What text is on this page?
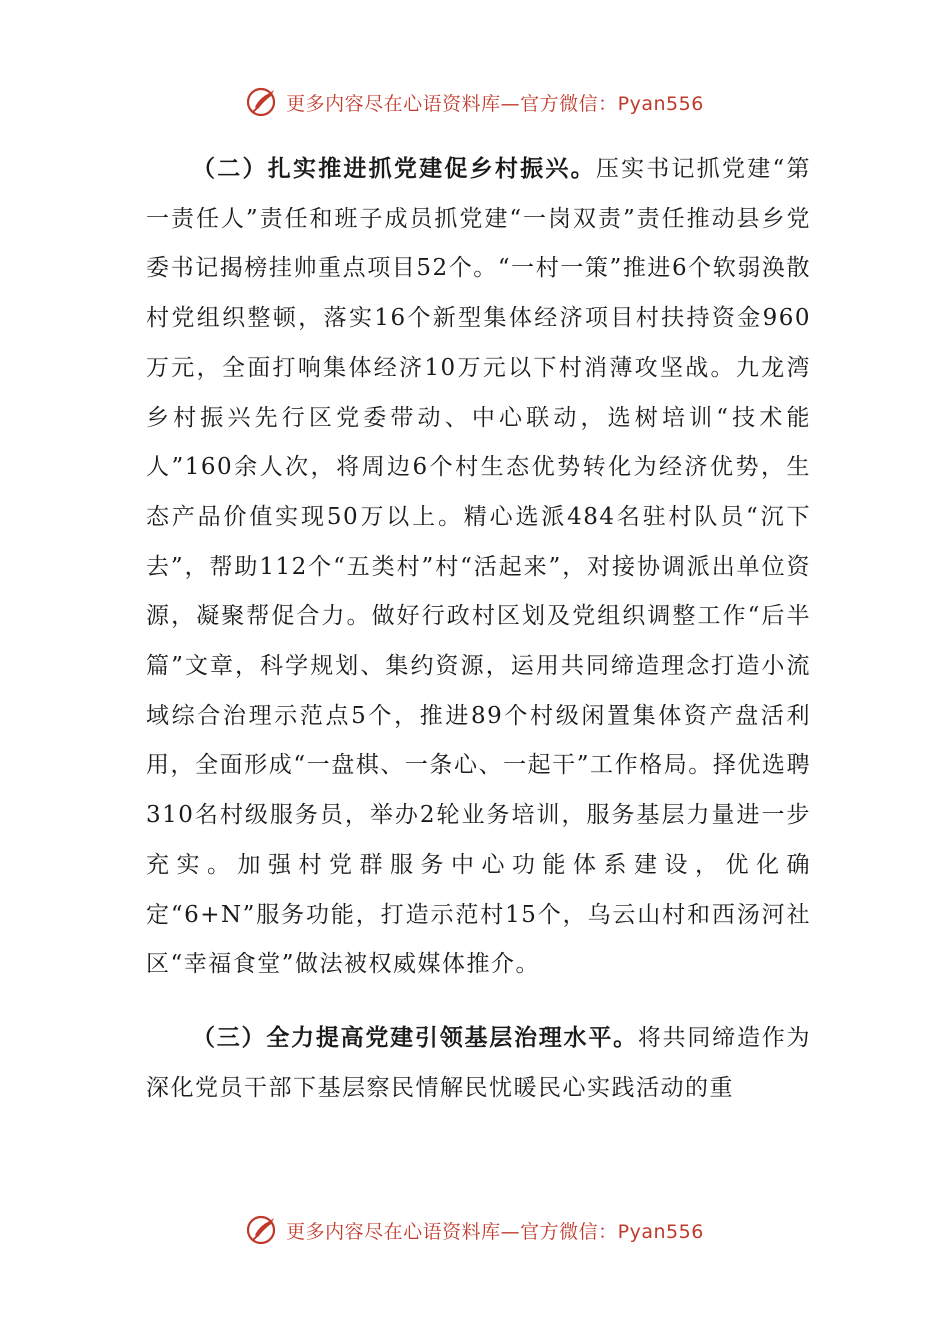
更多内容尽在心语资料库—官方微信：Pyan556

（二）扎实推进抓党建促乡村振兴。压实书记抓党建“第一责任人”责任和班子成员抓党建“一岗双责”责任推动县乡党委书记揭榜挂帅重点项目52个。“一村一策”推进6个软弱涣散村党组织整顿，落实16个新型集体经济项目村扶持资金960万元，全面打响集体经济10万元以下村消薄攻坚战。九龙湾乡村振兴先行区党委带动、中心联动，选树培训“技术能人”160余人次，将周边6个村生态优势转化为经济优势，生态产品价值实现50万以上。精心选派484名驻村队员“沉下去”，帮助112个“五类村”村“活起来”，对接协调派出单位资源，凝聚帮促合力。做好行政村区划及党组织调整工作“后半篇”文章，科学规划、集约资源，运用共同缔造理念打造小流域综合治理示范点5个，推进89个村级闲置集体资产盘活利用，全面形成“一盘棋、一条心、一起干”工作格局。择优选聘310名村级服务员，举办2轮业务培训，服务基层力量进一步充实。加强村党群服务中心功能体系建设，优化确定“6+N”服务功能，打造示范村15个，乌云山村和西汤河社区“幸福食堂”做法被权威媒体推介。

（三）全力提高党建引领基层治理水平。将共同缔造作为深化党员干部下基层察民情解民忧暖民心实践活动的重

更多内容尽在心语资料库—官方微信：Pyan556
